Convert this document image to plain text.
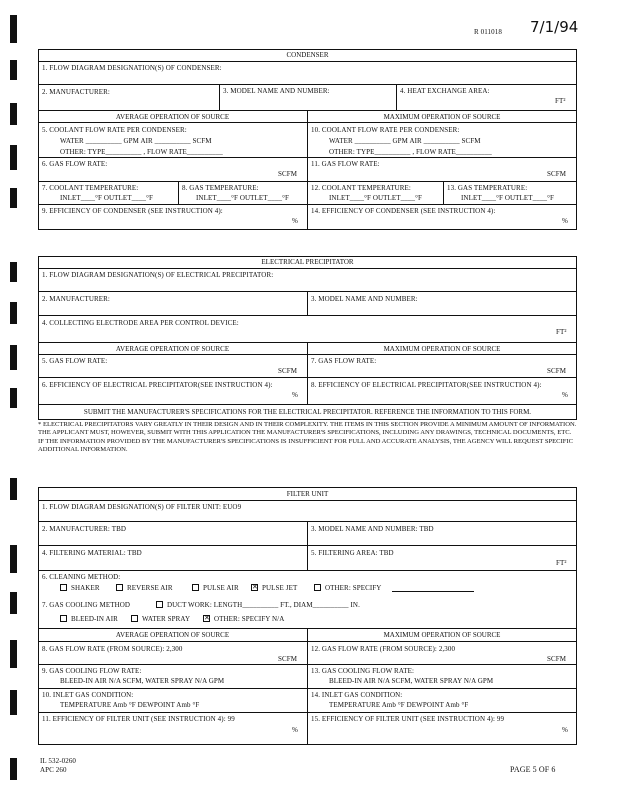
R 011018 7/1/94
CONDENSER
1. FLOW DIAGRAM DESIGNATION(S) OF CONDENSER:
2. MANUFACTURER:	3. MODEL NAME AND NUMBER:	4. HEAT EXCHANGE AREA:
FT²
AVERAGE OPERATION OF SOURCE	MAXIMUM OPERATION OF SOURCE
5. COOLANT FLOW RATE PER CONDENSER:
WATER __________ GPM AIR __________ SCFM
OTHER: TYPE__________ , FLOW RATE__________
10. COOLANT FLOW RATE PER CONDENSER:
WATER __________ GPM AIR __________ SCFM
OTHER: TYPE__________ , FLOW RATE__________
6. GAS FLOW RATE:
SCFM
11. GAS FLOW RATE:
SCFM
7. COOLANT TEMPERATURE:
INLET____°F OUTLET____°F
8. GAS TEMPERATURE:
INLET____°F OUTLET____°F
12. COOLANT TEMPERATURE:
INLET____°F OUTLET____°F
13. GAS TEMPERATURE:
INLET____°F OUTLET____°F
9. EFFICIENCY OF CONDENSER (SEE INSTRUCTION 4):
%
14. EFFICIENCY OF CONDENSER (SEE INSTRUCTION 4):
%
ELECTRICAL PRECIPITATOR
1. FLOW DIAGRAM DESIGNATION(S) OF ELECTRICAL PRECIPITATOR:
2. MANUFACTURER:	3. MODEL NAME AND NUMBER:
4. COLLECTING ELECTRODE AREA PER CONTROL DEVICE:
FT²
AVERAGE OPERATION OF SOURCE	MAXIMUM OPERATION OF SOURCE
5. GAS FLOW RATE:
SCFM
7. GAS FLOW RATE:
SCFM
6. EFFICIENCY OF ELECTRICAL PRECIPITATOR(SEE INSTRUCTION 4):
%
8. EFFICIENCY OF ELECTRICAL PRECIPITATOR(SEE INSTRUCTION 4):
%
SUBMIT THE MANUFACTURER'S SPECIFICATIONS FOR THE ELECTRICAL PRECIPITATOR. REFERENCE THE INFORMATION TO THIS FORM.
* ELECTRICAL PRECIPITATORS VARY GREATLY IN THEIR DESIGN AND IN THEIR COMPLEXITY. THE ITEMS IN THIS SECTION PROVIDE A MINIMUM AMOUNT OF INFORMATION. THE APPLICANT MUST, HOWEVER, SUBMIT WITH THIS APPLICATION THE MANUFACTURER'S SPECIFICATIONS, INCLUDING ANY DRAWINGS, TECHNICAL DOCUMENTS, ETC. IF THE INFORMATION PROVIDED BY THE MANUFACTURER'S SPECIFICATIONS IS INSUFFICIENT FOR FULL AND ACCURATE ANALYSIS, THE AGENCY WILL REQUEST SPECIFIC ADDITIONAL INFORMATION.
FILTER UNIT
1. FLOW DIAGRAM DESIGNATION(S) OF FILTER UNIT: EUO9
2. MANUFACTURER: TBD	3. MODEL NAME AND NUMBER: TBD
4. FILTERING MATERIAL: TBD	5. FILTERING AREA: TBD
FT²
6. CLEANING METHOD:
SHAKER	REVERSE AIR	PULSE AIR ✕ PULSE JET	OTHER: SPECIFY
7. GAS COOLING METHOD	DUCT WORK: LENGTH__________ FT., DIAM__________ IN.
BLEED-IN AIR	WATER SPRAY ✕ OTHER: SPECIFY N/A
AVERAGE OPERATION OF SOURCE	MAXIMUM OPERATION OF SOURCE
8. GAS FLOW RATE (FROM SOURCE): 2,300
SCFM
12. GAS FLOW RATE (FROM SOURCE): 2,300
SCFM
9. GAS COOLING FLOW RATE:
BLEED-IN AIR N/A SCFM, WATER SPRAY N/A GPM
13. GAS COOLING FLOW RATE:
BLEED-IN AIR N/A SCFM, WATER SPRAY N/A GPM
10. INLET GAS CONDITION:
TEMPERATURE Amb °F DEWPOINT Amb °F
14. INLET GAS CONDITION:
TEMPERATURE Amb °F DEWPOINT Amb °F
11. EFFICIENCY OF FILTER UNIT (SEE INSTRUCTION 4): 99
%
15. EFFICIENCY OF FILTER UNIT (SEE INSTRUCTION 4): 99
%
IL 532-0260
APC 260	PAGE 5 OF 6
